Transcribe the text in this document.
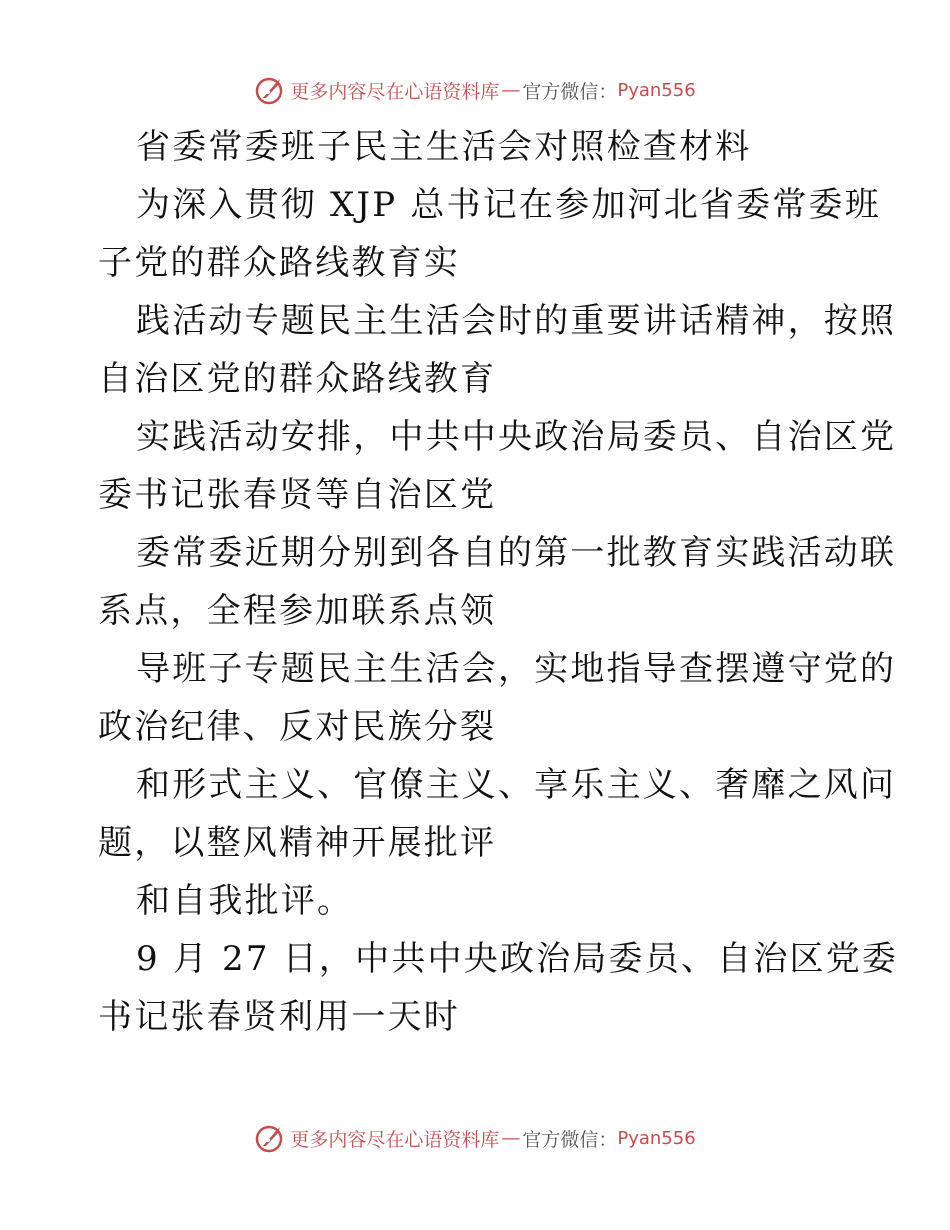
更多内容尽在心语资料库 — 官方微信： Pyan556
省委常委班子民主生活会对照检查材料
为深入贯彻 XJP 总书记在参加河北省委常委班
子党的群众路线教育实
践活动专题民主生活会时的重要讲话精神，按照
自治区党的群众路线教育
实践活动安排，中共中央政治局委员、自治区党
委书记张春贤等自治区党
委常委近期分别到各自的第一批教育实践活动联
系点，全程参加联系点领
导班子专题民主生活会，实地指导查摆遵守党的
政治纪律、反对民族分裂
和形式主义、官僚主义、享乐主义、奢靡之风问
题，以整风精神开展批评
和自我批评。
9 月 27 日，中共中央政治局委员、自治区党委
书记张春贤利用一天时
更多内容尽在心语资料库 — 官方微信： Pyan556
